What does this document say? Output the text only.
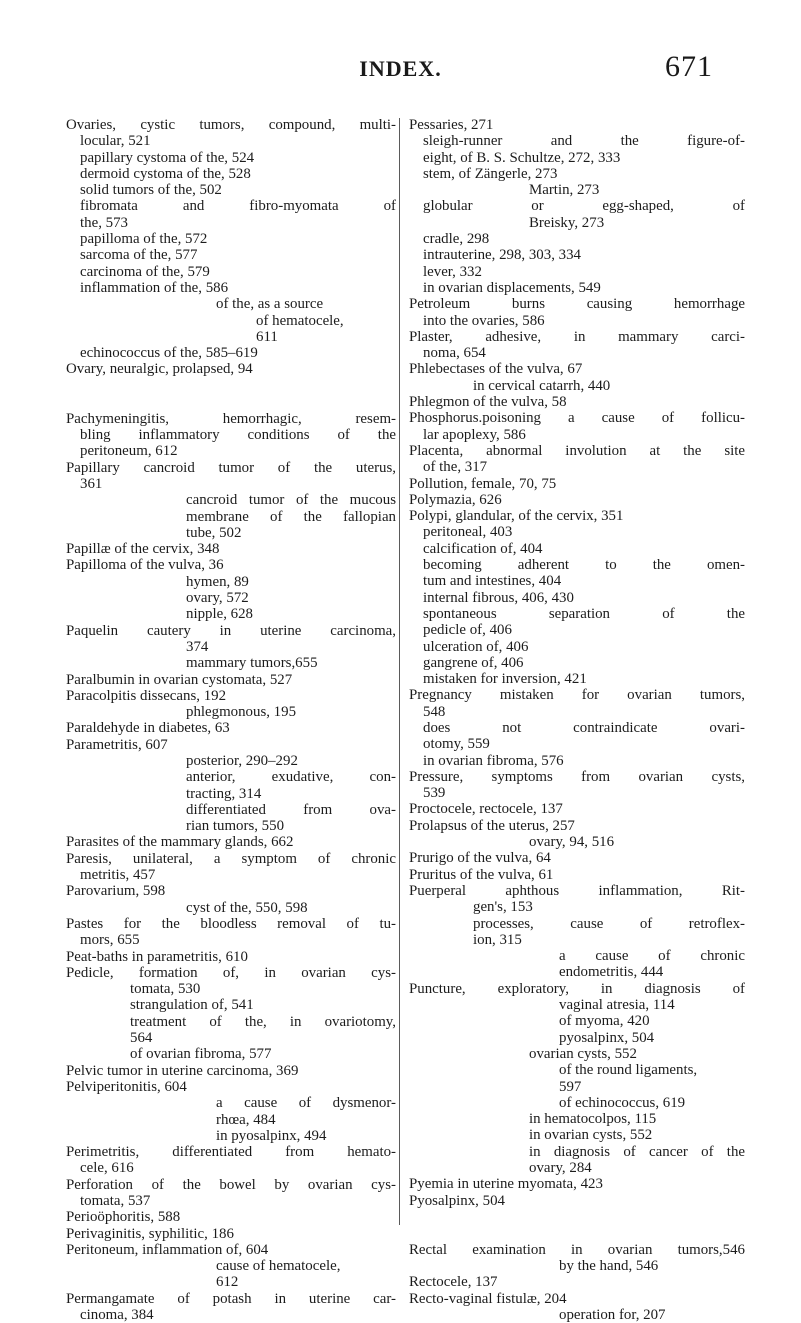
INDEX.	671
Ovaries, cystic tumors, compound, multi-
locular, 521
papillary cystoma of the, 524
dermoid cystoma of the, 528
solid tumors of the, 502
fibromata and fibro-myomata of
the, 573
papilloma of the, 572
sarcoma of the, 577
carcinoma of the, 579
inflammation of the, 586
of the, as a source
of hematocele,
611
echinococcus of the, 585–619
Ovary, neuralgic, prolapsed, 94
Pachymeningitis, hemorrhagic, resem-
bling inflammatory conditions of the
peritoneum, 612
Papillary cancroid tumor of the uterus,
361
cancroid tumor of the mucous
membrane of the fallopian
tube, 502
Papillæ of the cervix, 348
Papilloma of the vulva, 36
hymen, 89
ovary, 572
nipple, 628
Paquelin cautery in uterine carcinoma,
374
mammary tumors,655
Paralbumin in ovarian cystomata, 527
Paracolpitis dissecans, 192
phlegmonous, 195
Paraldehyde in diabetes, 63
Parametritis, 607
posterior, 290–292
anterior, exudative, con-
tracting, 314
differentiated from ova-
rian tumors, 550
Parasites of the mammary glands, 662
Paresis, unilateral, a symptom of chronic
metritis, 457
Parovarium, 598
cyst of the, 550, 598
Pastes for the bloodless removal of tu-
mors, 655
Peat-baths in parametritis, 610
Pedicle, formation of, in ovarian cys-
tomata, 530
strangulation of, 541
treatment of the, in ovariotomy,
564
of ovarian fibroma, 577
Pelvic tumor in uterine carcinoma, 369
Pelviperitonitis, 604
a cause of dysmenor-
rhœa, 484
in pyosalpinx, 494
Perimetritis, differentiated from hemato-
cele, 616
Perforation of the bowel by ovarian cys-
tomata, 537
Perioöphoritis, 588
Perivaginitis, syphilitic, 186
Peritoneum, inflammation of, 604
cause of hematocele,
612
Permangamate of potash in uterine car-
cinoma, 384
Pessaries, 271
sleigh-runner and the figure-of-
eight, of B. S. Schultze, 272, 333
stem, of Zängerle, 273
Martin, 273
globular or egg-shaped, of
Breisky, 273
cradle, 298
intrauterine, 298, 303, 334
lever, 332
in ovarian displacements, 549
Petroleum burns causing hemorrhage
into the ovaries, 586
Plaster, adhesive, in mammary carci-
noma, 654
Phlebectases of the vulva, 67
in cervical catarrh, 440
Phlegmon of the vulva, 58
Phosphorus.poisoning a cause of follicu-
lar apoplexy, 586
Placenta, abnormal involution at the site
of the, 317
Pollution, female, 70, 75
Polymazia, 626
Polypi, glandular, of the cervix, 351
peritoneal, 403
calcification of, 404
becoming adherent to the omen-
tum and intestines, 404
internal fibrous, 406, 430
spontaneous separation of the
pedicle of, 406
ulceration of, 406
gangrene of, 406
mistaken for inversion, 421
Pregnancy mistaken for ovarian tumors,
548
does not contraindicate ovari-
otomy, 559
in ovarian fibroma, 576
Pressure, symptoms from ovarian cysts,
539
Proctocele, rectocele, 137
Prolapsus of the uterus, 257
ovary, 94, 516
Prurigo of the vulva, 64
Pruritus of the vulva, 61
Puerperal aphthous inflammation, Rit-
gen's, 153
processes, cause of retroflex-
ion, 315
a cause of chronic
endometritis, 444
Puncture, exploratory, in diagnosis of
vaginal atresia, 114
of myoma, 420
pyosalpinx, 504
ovarian cysts, 552
of the round ligaments,
597
of echinococcus, 619
in hematocolpos, 115
in ovarian cysts, 552
in diagnosis of cancer of the
ovary, 284
Pyemia in uterine myomata, 423
Pyosalpinx, 504
Rectal examination in ovarian tumors,546
by the hand, 546
Rectocele, 137
Recto-vaginal fistulæ, 204
operation for, 207
